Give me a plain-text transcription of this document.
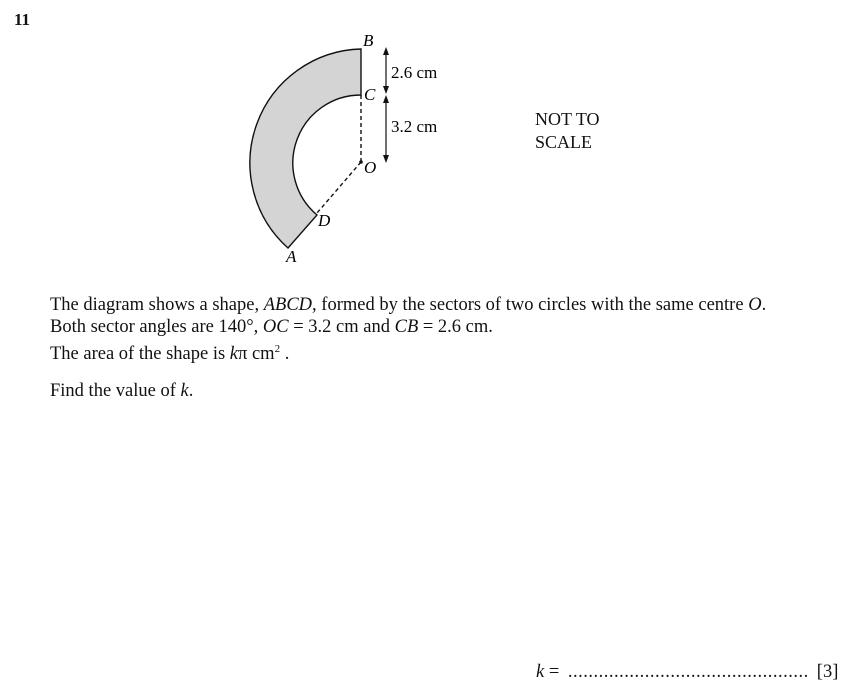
11
B
C
O
D
A
2.6 cm
3.2 cm	NOT TO
SCALE

The diagram shows a shape, ABCD, formed by the sectors of two circles with the same centre O.

Both sector angles are 140°, OC = 3.2 cm and CB = 2.6 cm.

The area of the shape is kπ $cm^2$ .

Find the value of k.
k = ............................................... [3]
